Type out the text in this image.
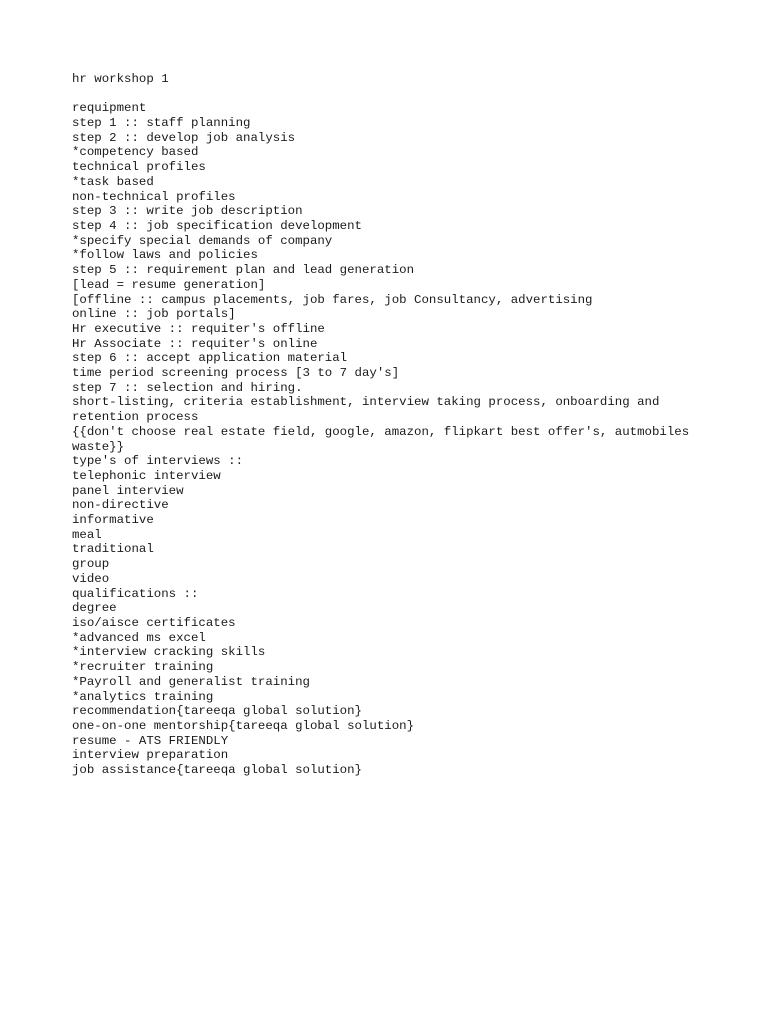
hr workshop 1
requipment
step 1 :: staff planning
step 2 :: develop job analysis
*competency based
technical profiles
*task based
non-technical profiles
step 3 :: write job description
step 4 :: job specification development
*specify special demands of company
*follow laws and policies
step 5 :: requirement plan and lead generation
[lead = resume generation]
[offline :: campus placements, job fares, job Consultancy, advertising
online :: job portals]
Hr executive :: requiter's offline
Hr Associate :: requiter's online
step 6 :: accept application material
time period screening process [3 to 7 day's]
step 7 :: selection and hiring.
short-listing, criteria establishment, interview taking process, onboarding and
retention process
{{don't choose real estate field, google, amazon, flipkart best offer's, autmobiles
waste}}
type's of interviews ::
telephonic interview
panel interview
non-directive
informative
meal
traditional
group
video
qualifications ::
degree
iso/aisce certificates
*advanced ms excel
*interview cracking skills
*recruiter training
*Payroll and generalist training
*analytics training
recommendation{tareeqa global solution}
one-on-one mentorship{tareeqa global solution}
resume - ATS FRIENDLY
interview preparation
job assistance{tareeqa global solution}
